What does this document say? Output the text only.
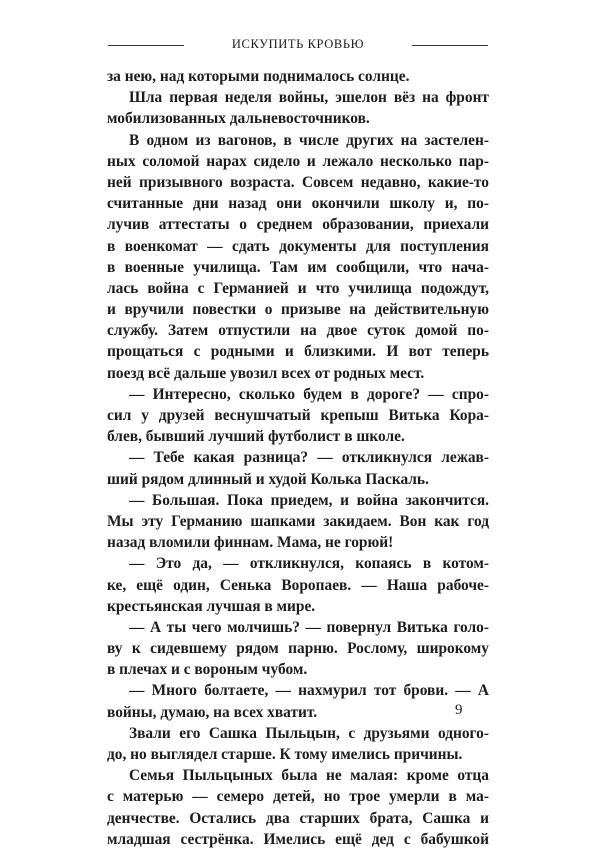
ИСКУПИТЬ КРОВЬЮ
за нею, над которыми поднималось солнце.
Шла первая неделя войны, эшелон вёз на фронт
мобилизованных дальневосточников.
В одном из вагонов, в числе других на застелен-
ных соломой нарах сидело и лежало несколько пар-
ней призывного возраста. Совсем недавно, какие-то
считанные дни назад они окончили школу и, по-
лучив аттестаты о среднем образовании, приехали
в военкомат — сдать документы для поступления
в военные училища. Там им сообщили, что нача-
лась война с Германией и что училища подождут,
и вручили повестки о призыве на действительную
службу. Затем отпустили на двое суток домой по-
прощаться с родными и близкими. И вот теперь
поезд всё дальше увозил всех от родных мест.
— Интересно, сколько будем в дороге? — спро-
сил у друзей веснушчатый крепыш Витька Кора-
блев, бывший лучший футболист в школе.
— Тебе какая разница? — откликнулся лежав-
ший рядом длинный и худой Колька Паскаль.
— Большая. Пока приедем, и война закончится.
Мы эту Германию шапками закидаем. Вон как год
назад вломили финнам. Мама, не горюй!
— Это да, — откликнулся, копаясь в котом-
ке, ещё один, Сенька Воропаев. — Наша рабоче-
крестьянская лучшая в мире.
— А ты чего молчишь? — повернул Витька голо-
ву к сидевшему рядом парню. Рослому, широкому
в плечах и с вороным чубом.
— Много болтаете, — нахмурил тот брови. — А
войны, думаю, на всех хватит.
Звали его Сашка Пыльцын, с друзьями одного-
до, но выглядел старше. К тому имелись причины.
Семья Пыльцыных была не малая: кроме отца
с матерью — семеро детей, но трое умерли в ма-
денчестве. Остались два старших брата, Сашка и
младшая сестрёнка. Имелись ещё дед с бабушкой
9
